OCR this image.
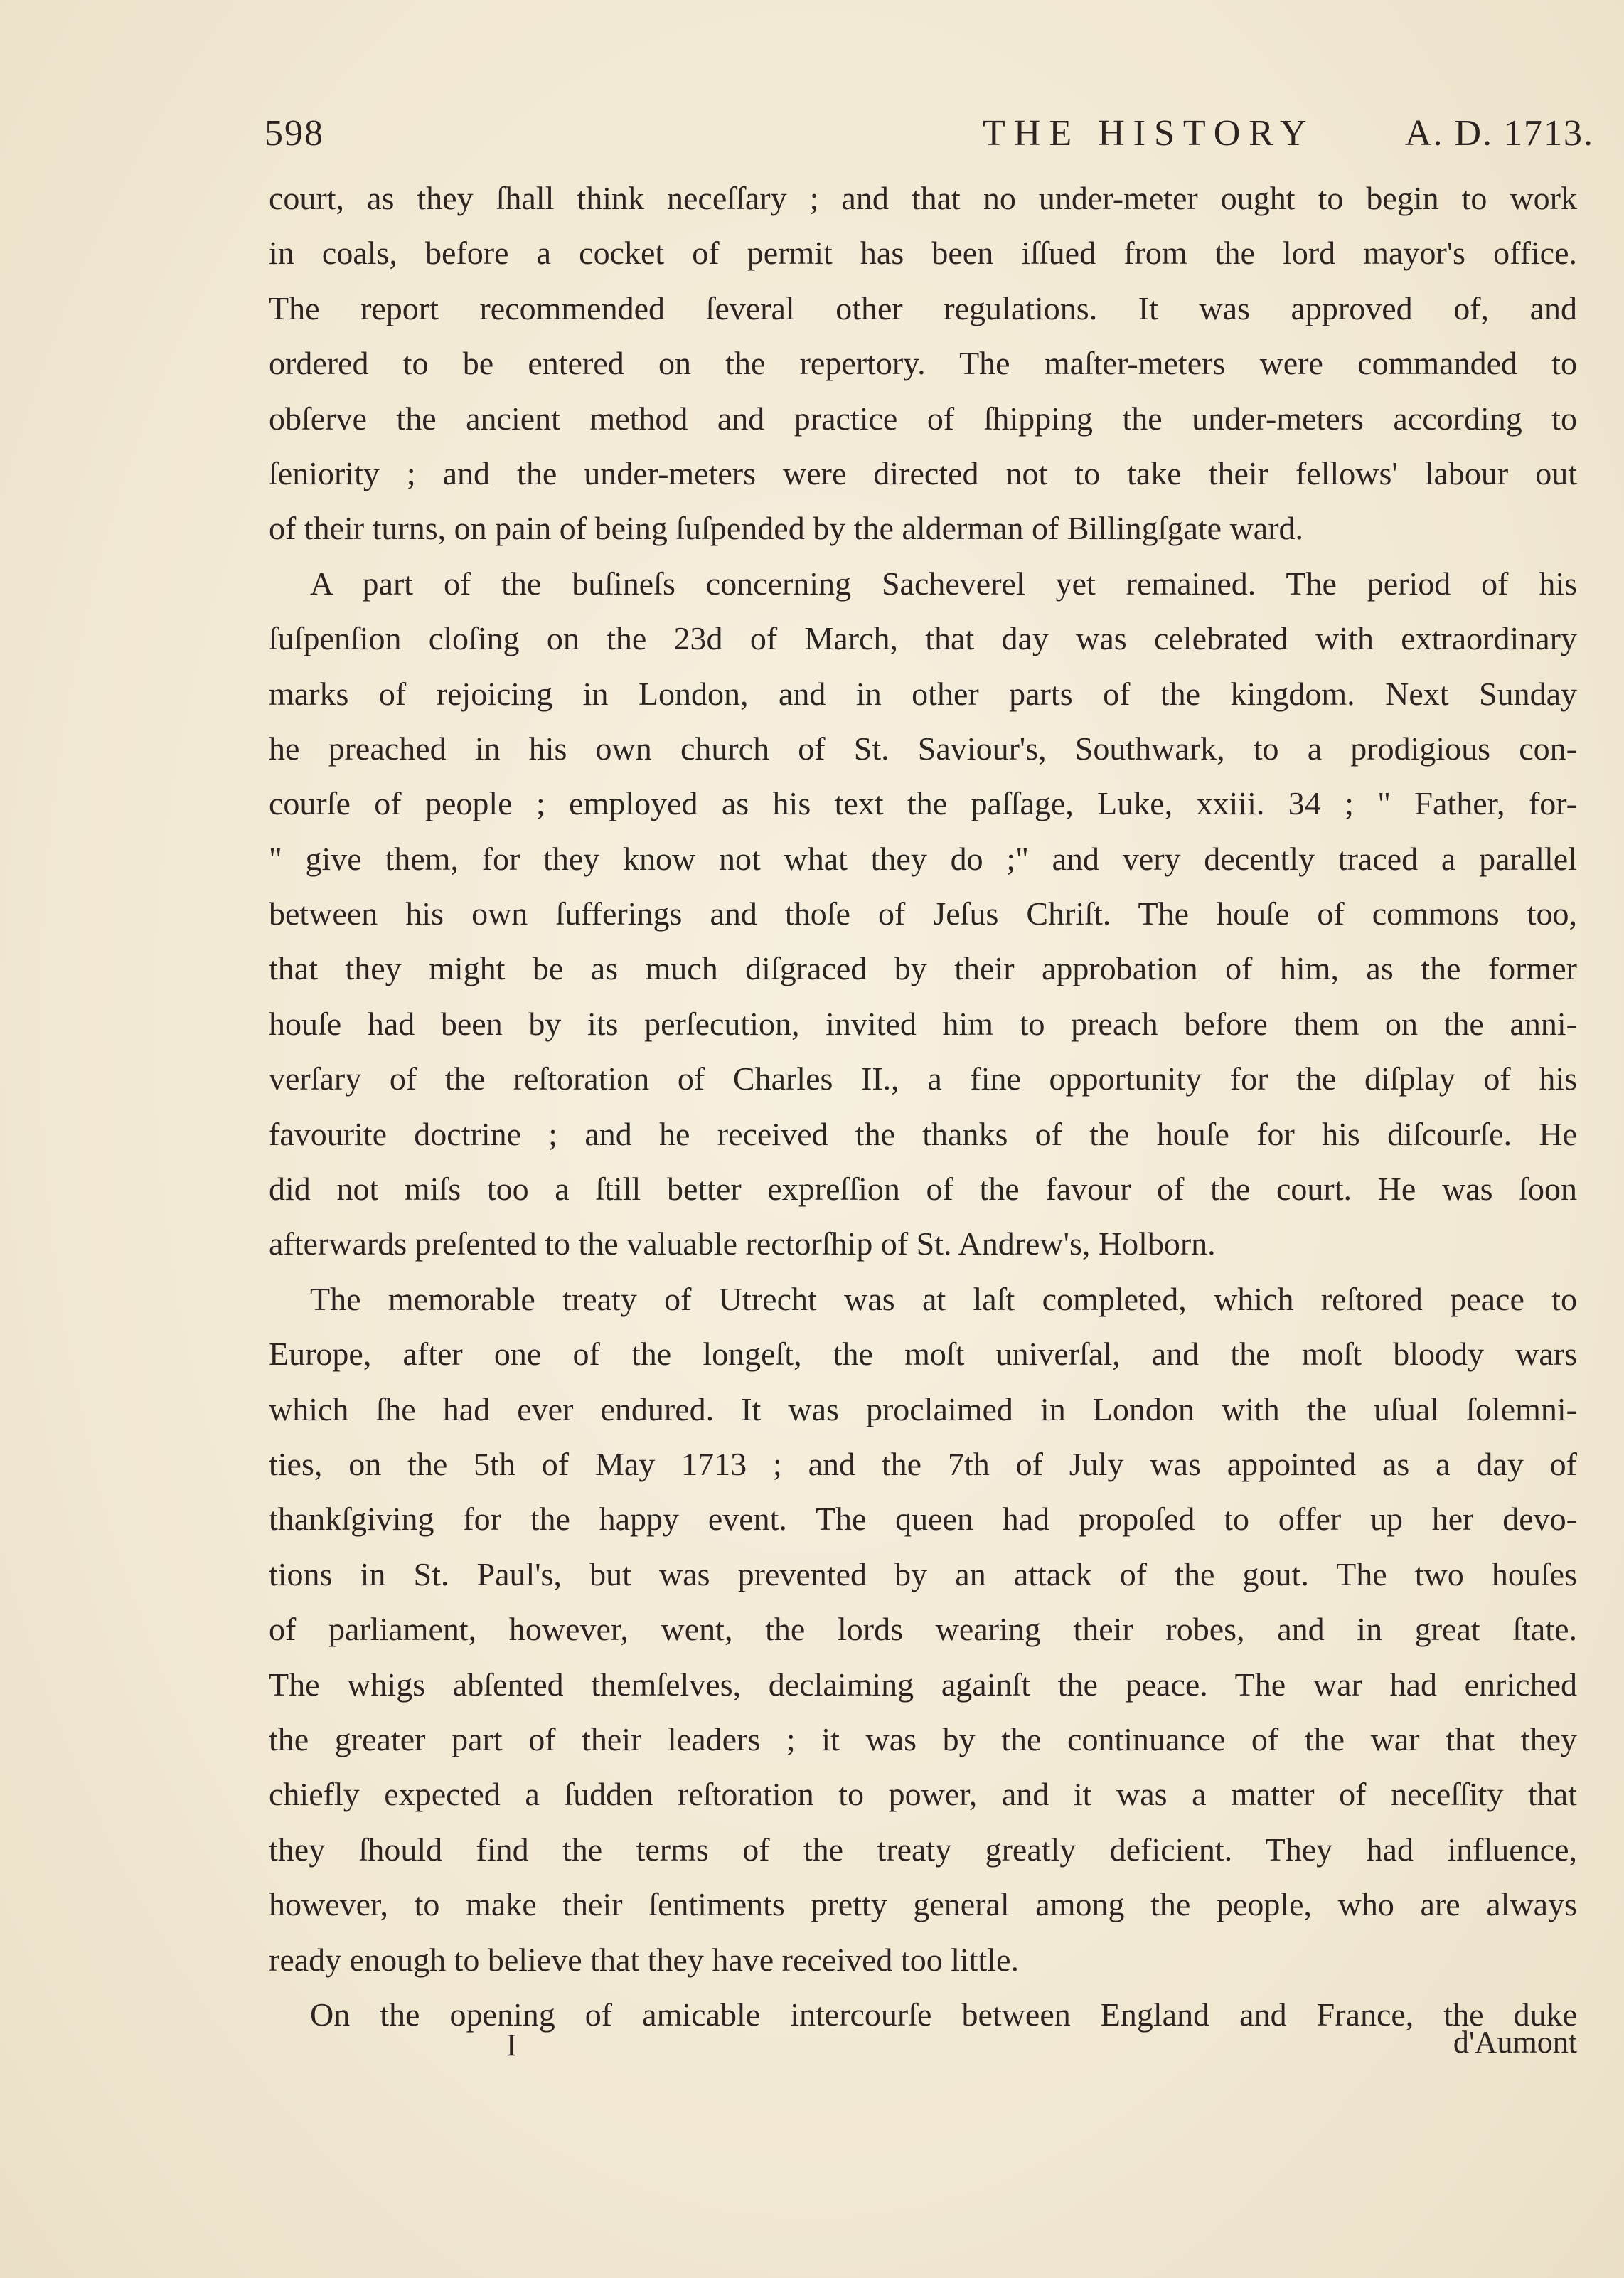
598	THE HISTORY A. D. 1713.
court, as they ſhall think neceſſary ; and that no under-meter ought to begin to work
in coals, before a cocket of permit has been iſſued from the lord mayor's office.
The report recommended ſeveral other regulations. It was approved of, and
ordered to be entered on the repertory. The maſter-meters were commanded to
obſerve the ancient method and practice of ſhipping the under-meters according to
ſeniority ; and the under-meters were directed not to take their fellows' labour out
of their turns, on pain of being ſuſpended by the alderman of Billingſgate ward.
A part of the buſineſs concerning Sacheverel yet remained. The period of his
ſuſpenſion cloſing on the 23d of March, that day was celebrated with extraordinary
marks of rejoicing in London, and in other parts of the kingdom. Next Sunday
he preached in his own church of St. Saviour's, Southwark, to a prodigious con-
courſe of people ; employed as his text the paſſage, Luke, xxiii. 34 ; " Father, for-
" give them, for they know not what they do ;" and very decently traced a parallel
between his own ſufferings and thoſe of Jeſus Chriſt. The houſe of commons too,
that they might be as much diſgraced by their approbation of him, as the former
houſe had been by its perſecution, invited him to preach before them on the anni-
verſary of the reſtoration of Charles II., a fine opportunity for the diſplay of his
favourite doctrine ; and he received the thanks of the houſe for his diſcourſe. He
did not miſs too a ſtill better expreſſion of the favour of the court. He was ſoon
afterwards preſented to the valuable rectorſhip of St. Andrew's, Holborn.
The memorable treaty of Utrecht was at laſt completed, which reſtored peace to
Europe, after one of the longeſt, the moſt univerſal, and the moſt bloody wars
which ſhe had ever endured. It was proclaimed in London with the uſual ſolemni-
ties, on the 5th of May 1713 ; and the 7th of July was appointed as a day of
thankſgiving for the happy event. The queen had propoſed to offer up her devo-
tions in St. Paul's, but was prevented by an attack of the gout. The two houſes
of parliament, however, went, the lords wearing their robes, and in great ſtate.
The whigs abſented themſelves, declaiming againſt the peace. The war had enriched
the greater part of their leaders ; it was by the continuance of the war that they
chiefly expected a ſudden reſtoration to power, and it was a matter of neceſſity that
they ſhould find the terms of the treaty greatly deficient. They had influence,
however, to make their ſentiments pretty general among the people, who are always
ready enough to believe that they have received too little.
On the opening of amicable intercourſe between England and France, the duke
I	d'Aumont
